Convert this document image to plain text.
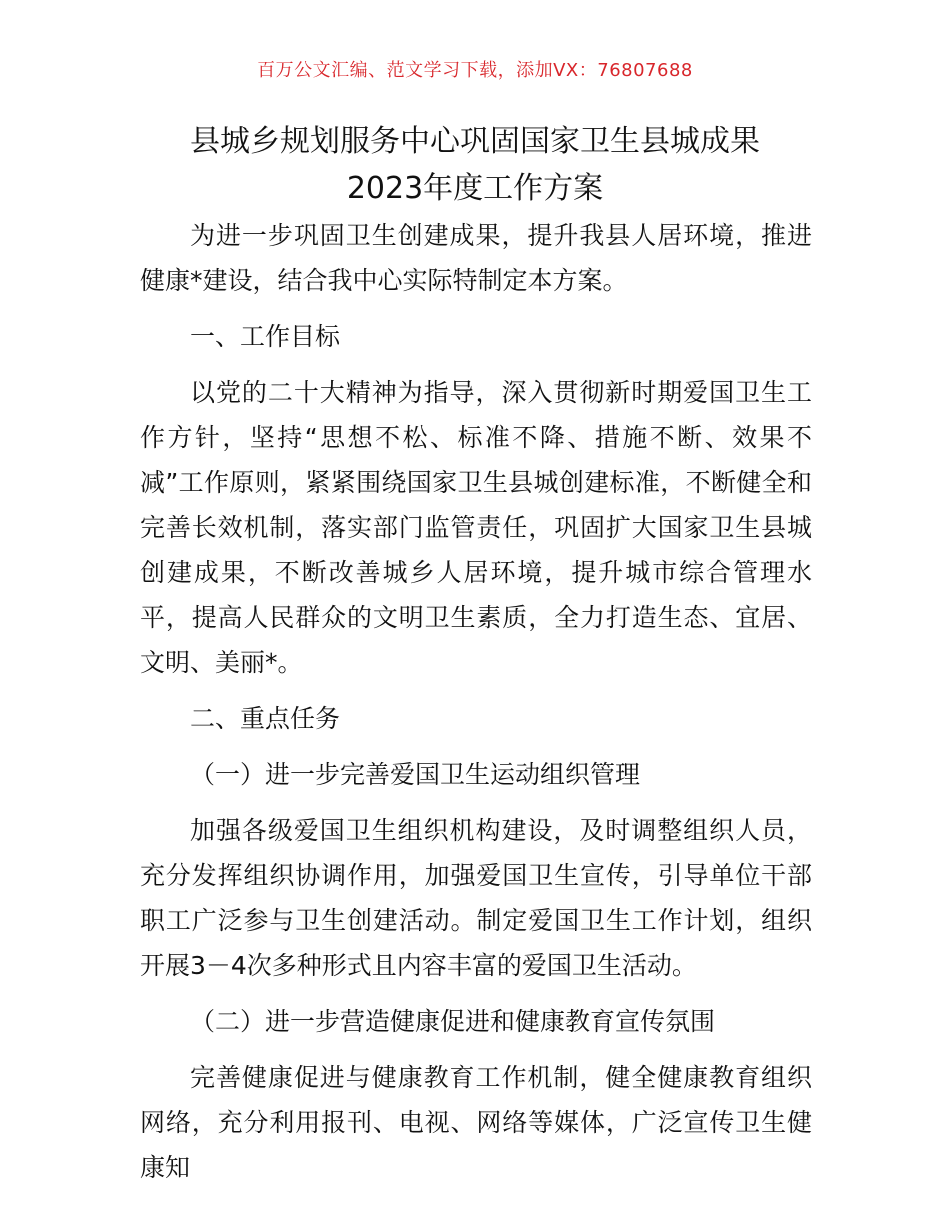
百万公文汇编、范文学习下载，添加VX：76807688
县城乡规划服务中心巩固国家卫生县城成果
2023年度工作方案

为进一步巩固卫生创建成果，提升我县人居环境，推进健康*建设，结合我中心实际特制定本方案。

一、工作目标

以党的二十大精神为指导，深入贯彻新时期爱国卫生工作方针，坚持“思想不松、标准不降、措施不断、效果不减”工作原则，紧紧围绕国家卫生县城创建标准，不断健全和完善长效机制，落实部门监管责任，巩固扩大国家卫生县城创建成果，不断改善城乡人居环境，提升城市综合管理水平，提高人民群众的文明卫生素质，全力打造生态、宜居、文明、美丽*。

二、重点任务

（一）进一步完善爱国卫生运动组织管理

加强各级爱国卫生组织机构建设，及时调整组织人员，充分发挥组织协调作用，加强爱国卫生宣传，引导单位干部职工广泛参与卫生创建活动。制定爱国卫生工作计划，组织开展3－4次多种形式且内容丰富的爱国卫生活动。

（二）进一步营造健康促进和健康教育宣传氛围

完善健康促进与健康教育工作机制，健全健康教育组织网络，充分利用报刊、电视、网络等媒体，广泛宣传卫生健康知
